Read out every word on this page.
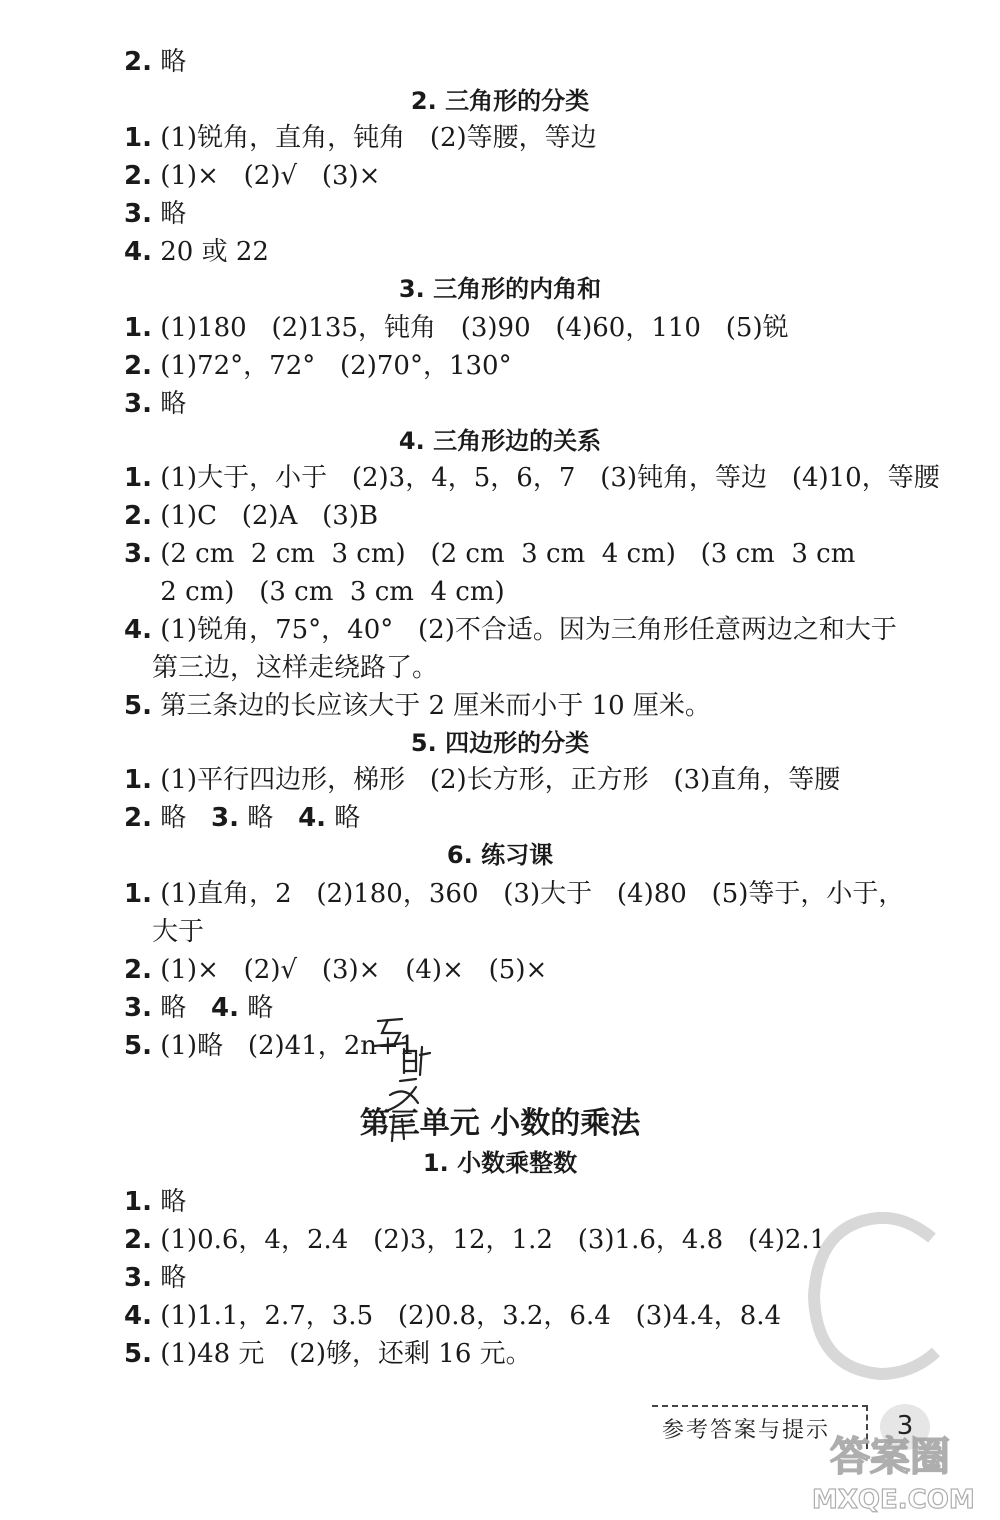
2. 略
2. 三角形的分类
1. (1)锐角，直角，钝角   (2)等腰，等边
2. (1)×   (2)√   (3)×
3. 略
4. 20 或 22
3. 三角形的内角和
1. (1)180   (2)135，钝角   (3)90   (4)60，110   (5)锐
2. (1)72°，72°   (2)70°，130°
3. 略
4. 三角形边的关系
1. (1)大于，小于   (2)3，4，5，6，7   (3)钝角，等边   (4)10，等腰
2. (1)C   (2)A   (3)B
3. (2 cm  2 cm  3 cm)   (2 cm  3 cm  4 cm)   (3 cm  3 cm
2 cm)   (3 cm  3 cm  4 cm)
4. (1)锐角，75°，40°   (2)不合适。因为三角形任意两边之和大于
第三边，这样走绕路了。
5. 第三条边的长应该大于 2 厘米而小于 10 厘米。
5. 四边形的分类
1. (1)平行四边形，梯形   (2)长方形，正方形   (3)直角，等腰
2. 略   3. 略   4. 略
6. 练习课
1. (1)直角，2   (2)180，360   (3)大于   (4)80   (5)等于，小于，
大于
2. (1)×   (2)√   (3)×   (4)×   (5)×
3. 略   4. 略
5. (1)略   (2)41，2n+1
第三单元 小数的乘法
1. 小数乘整数
1. 略
2. (1)0.6，4，2.4   (2)3，12，1.2   (3)1.6，4.8   (4)2.1
3. 略
4. (1)1.1，2.7，3.5   (2)0.8，3.2，6.4   (3)4.4，8.4
5. (1)48 元   (2)够，还剩 16 元。
参考答案与提示	3
答案圈
MXQE.COM
